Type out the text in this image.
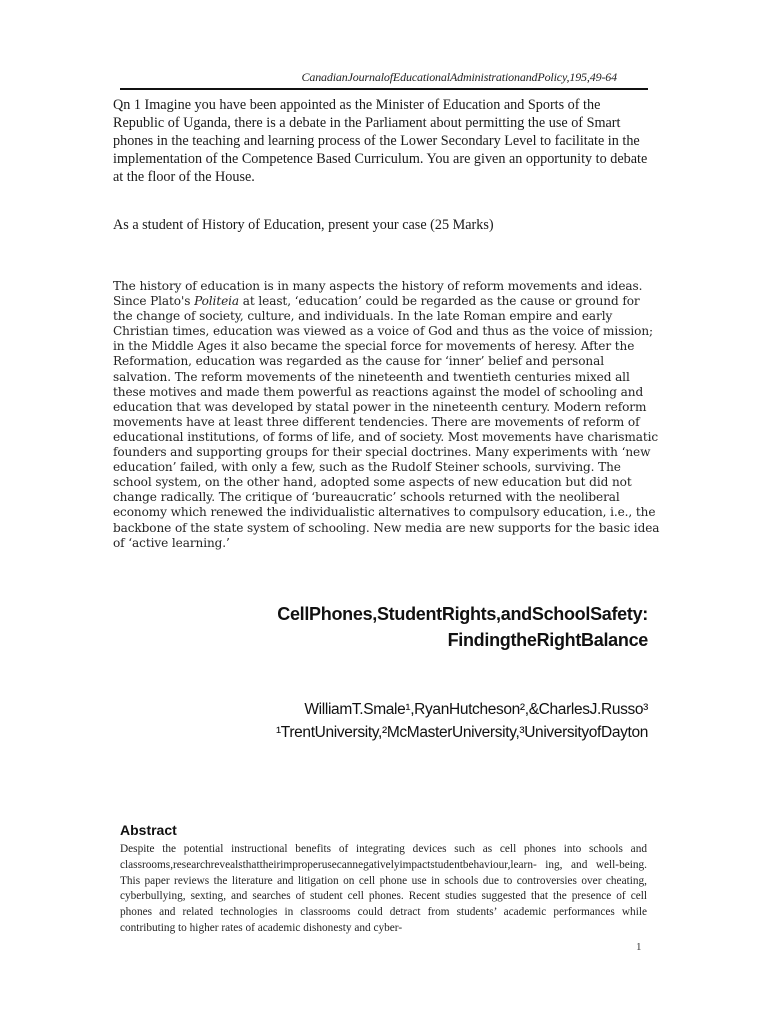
CanadianJournalofEducationalAdministrationandPolicy,195,49-64

Qn 1 Imagine you have been appointed as the Minister of Education and Sports of the Republic of Uganda, there is a debate in the Parliament about permitting the use of Smart phones in the teaching and learning process of the Lower Secondary Level to facilitate in the implementation of the Competence Based Curriculum. You are given an opportunity to debate at the floor of the House.

As a student of History of Education, present your case (25 Marks)

The history of education is in many aspects the history of reform movements and ideas. Since Plato's Politeia at least, ‘education’ could be regarded as the cause or ground for the change of society, culture, and individuals. In the late Roman empire and early Christian times, education was viewed as a voice of God and thus as the voice of mission; in the Middle Ages it also became the special force for movements of heresy. After the Reformation, education was regarded as the cause for ‘inner’ belief and personal salvation. The reform movements of the nineteenth and twentieth centuries mixed all these motives and made them powerful as reactions against the model of schooling and education that was developed by statal power in the nineteenth century. Modern reform movements have at least three different tendencies. There are movements of reform of educational institutions, of forms of life, and of society. Most movements have charismatic founders and supporting groups for their special doctrines. Many experiments with ‘new education’ failed, with only a few, such as the Rudolf Steiner schools, surviving. The school system, on the other hand, adopted some aspects of new education but did not change radically. The critique of ‘bureaucratic’ schools returned with the neoliberal economy which renewed the individualistic alternatives to compulsory education, i.e., the backbone of the state system of schooling. New media are new supports for the basic idea of ‘active learning.’

CellPhones,StudentRights,andSchoolSafety:
FindingtheRightBalance
WilliamT.Smale¹,RyanHutcheson²,&CharlesJ.Russo³
¹TrentUniversity,²McMasterUniversity,³UniversityofDayton
Abstract

Despite the potential instructional benefits of integrating devices such as cell phones into schools and classrooms,researchrevealsthattheirimproperusecannegativelyimpactstudentbehaviour,learn- ing, and well-being. This paper reviews the literature and litigation on cell phone use in schools due to controversies over cheating, cyberbullying, sexting, and searches of student cell phones. Recent studies suggested that the presence of cell phones and related technologies in classrooms could detract from students’ academic performances while contributing to higher rates of academic dishonesty and cyber-

1
